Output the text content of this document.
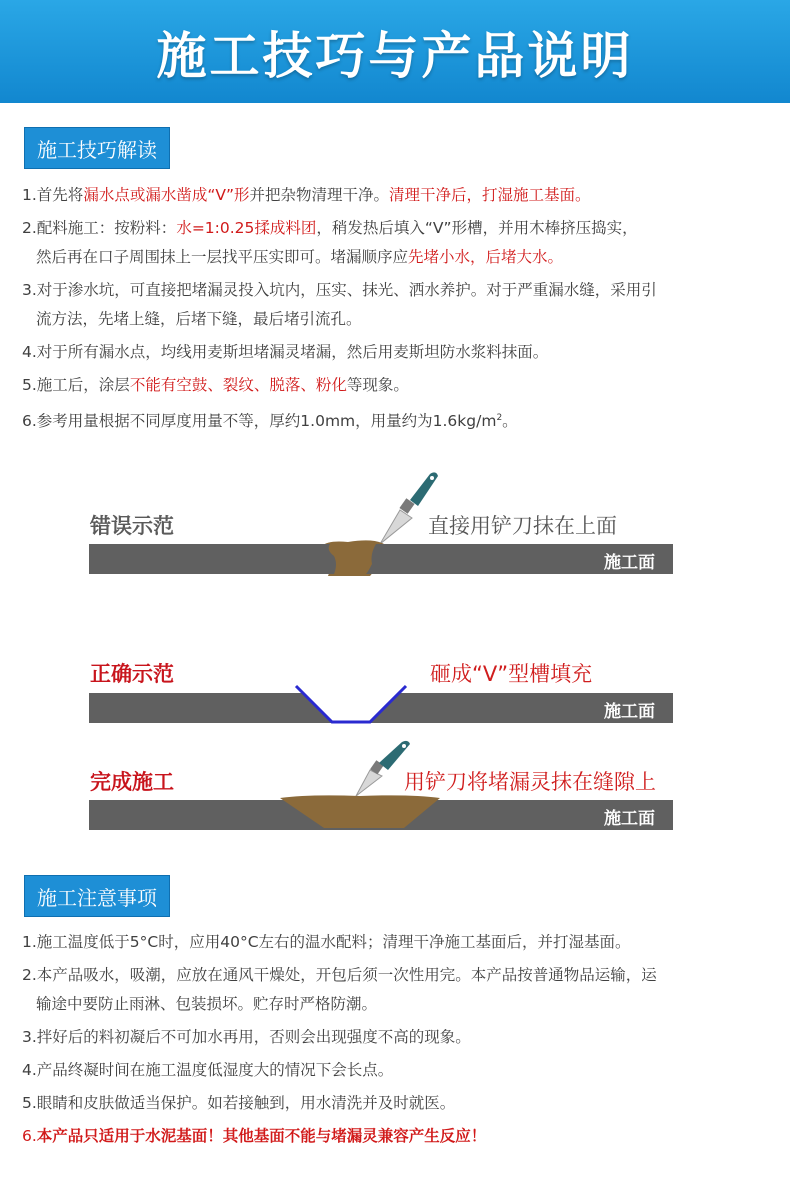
施工技巧与产品说明
施工技巧解读
1.首先将漏水点或漏水凿成“V”形并把杂物清理干净。清理干净后，打湿施工基面。
2.配料施工：按粉料：水=1:0.25揉成料团，稍发热后填入“V”形槽，并用木棒挤压捣实，
然后再在口子周围抹上一层找平压实即可。堵漏顺序应先堵小水，后堵大水。
3.对于渗水坑，可直接把堵漏灵投入坑内，压实、抹光、洒水养护。对于严重漏水缝，采用引
流方法，先堵上缝，后堵下缝，最后堵引流孔。
4.对于所有漏水点，均线用麦斯坦堵漏灵堵漏，然后用麦斯坦防水浆料抹面。
5.施工后，涂层不能有空鼓、裂纹、脱落、粉化等现象。
6.参考用量根据不同厚度用量不等，厚约1.0mm，用量约为$1.6kg/m^2$。
错误示范	直接用铲刀抹在上面
施工面
正确示范	砸成“V”型槽填充
施工面
完成施工	用铲刀将堵漏灵抹在缝隙上
施工面
施工注意事项
1.施工温度低于5°C时，应用40°C左右的温水配料；清理干净施工基面后，并打湿基面。
2.本产品吸水，吸潮，应放在通风干燥处，开包后须一次性用完。本产品按普通物品运输，运
输途中要防止雨淋、包装损坏。贮存时严格防潮。
3.拌好后的料初凝后不可加水再用，否则会出现强度不高的现象。
4.产品终凝时间在施工温度低湿度大的情况下会长点。
5.眼睛和皮肤做适当保护。如若接触到，用水清洗并及时就医。
6.本产品只适用于水泥基面！其他基面不能与堵漏灵兼容产生反应！
